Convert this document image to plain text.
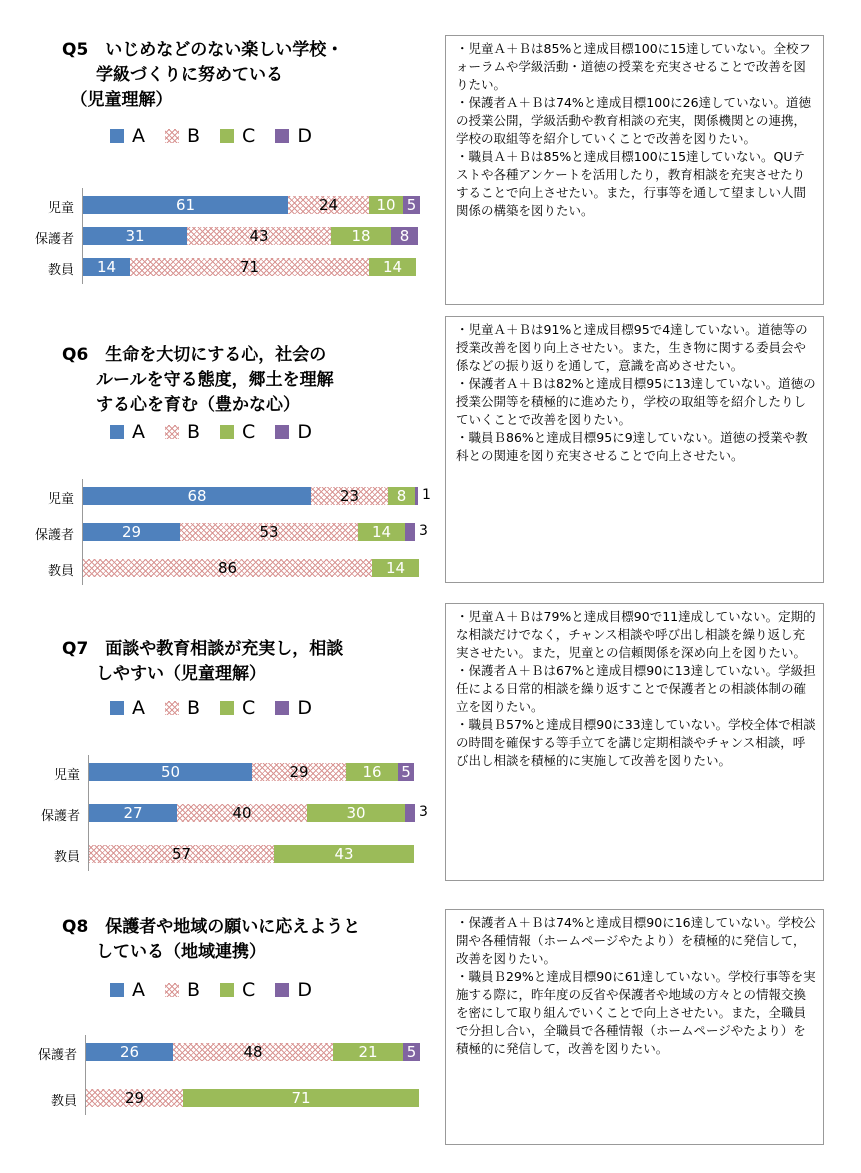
Q5　いじめなどのない楽しい学校・
　　学級づくりに努めている
　（児童理解）
A B C D
児童	61	24	10 5
保護者	31	43	18	8
教員	14	71	14

・児童Ａ＋Ｂは85%と達成目標100に15達していない。全校フォーラムや学級活動・道徳の授業を充実させることで改善を図りたい。

・保護者Ａ＋Ｂは74%と達成目標100に26達していない。道徳の授業公開，学級活動や教育相談の充実，関係機関との連携，学校の取組等を紹介していくことで改善を図りたい。

・職員Ａ＋Ｂは85%と達成目標100に15達していない。QUテストや各種アンケートを活用したり，教育相談を充実させたりすることで向上させたい。また，行事等を通して望ましい人間関係の構築を図りたい。

Q6　生命を大切にする心，社会の
　　ルールを守る態度，郷土を理解
　　する心を育む（豊かな心）
A B C D
児童	68	23	8	1
保護者	29	53	14	3
教員	86	14

・児童Ａ＋Ｂは91%と達成目標95で4達していない。道徳等の授業改善を図り向上させたい。また，生き物に関する委員会や係などの振り返りを通して，意識を高めさせたい。

・保護者Ａ＋Ｂは82%と達成目標95に13達していない。道徳の授業公開等を積極的に進めたり，学校の取組等を紹介したりしていくことで改善を図りたい。

・職員Ｂ86%と達成目標95に9達していない。道徳の授業や教科との関連を図り充実させることで向上させたい。

Q7　面談や教育相談が充実し，相談
　　しやすい（児童理解）
A B C D
児童	50	29	16	5
保護者	27	40	30	3
教員	57	43

・児童Ａ＋Ｂは79%と達成目標90で11達成していない。定期的な相談だけでなく，チャンス相談や呼び出し相談を繰り返し充実させたい。また，児童との信頼関係を深め向上を図りたい。

・保護者Ａ＋Ｂは67%と達成目標90に13達していない。学級担任による日常的相談を繰り返すことで保護者との相談体制の確立を図りたい。

・職員Ｂ57%と達成目標90に33達していない。学校全体で相談の時間を確保する等手立てを講じ定期相談やチャンス相談，呼び出し相談を積極的に実施して改善を図りたい。

Q8　保護者や地域の願いに応えようと
　　している（地域連携）
A B C D
保護者	26	48	21	5
教員	29	71

・保護者Ａ＋Ｂは74%と達成目標90に16達していない。学校公開や各種情報（ホームページやたより）を積極的に発信して，改善を図りたい。

・職員Ｂ29%と達成目標90に61達していない。学校行事等を実施する際に，昨年度の反省や保護者や地域の方々との情報交換を密にして取り組んでいくことで向上させたい。また，全職員で分担し合い，全職員で各種情報（ホームページやたより）を積極的に発信して，改善を図りたい。
